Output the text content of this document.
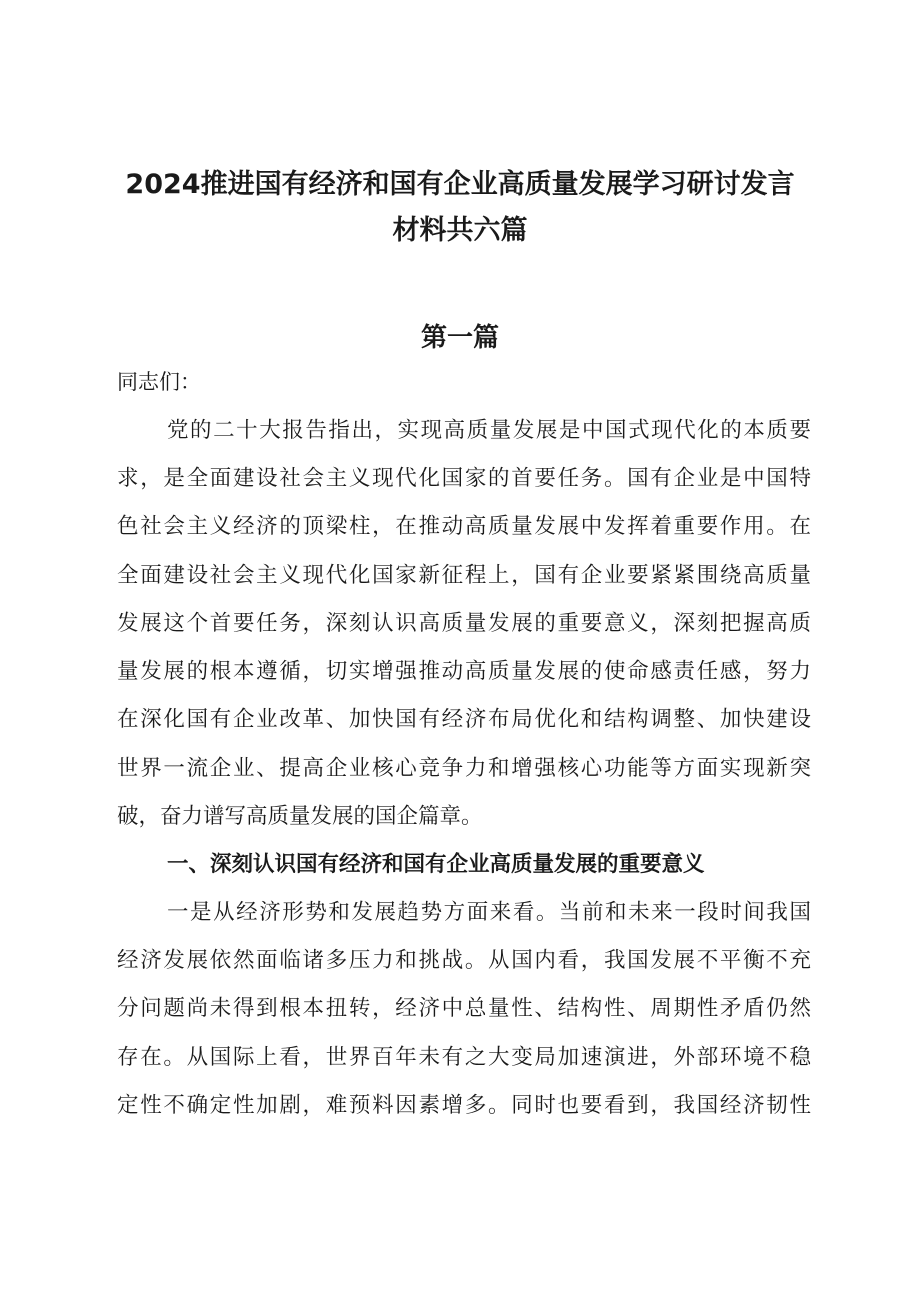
2024推进国有经济和国有企业高质量发展学习研讨发言
材料共六篇
第一篇
同志们：
党的二十大报告指出，实现高质量发展是中国式现代化的本质要
求，是全面建设社会主义现代化国家的首要任务。国有企业是中国特
色社会主义经济的顶梁柱，在推动高质量发展中发挥着重要作用。在
全面建设社会主义现代化国家新征程上，国有企业要紧紧围绕高质量
发展这个首要任务，深刻认识高质量发展的重要意义，深刻把握高质
量发展的根本遵循，切实增强推动高质量发展的使命感责任感，努力
在深化国有企业改革、加快国有经济布局优化和结构调整、加快建设
世界一流企业、提高企业核心竞争力和增强核心功能等方面实现新突
破，奋力谱写高质量发展的国企篇章。
一、深刻认识国有经济和国有企业高质量发展的重要意义
一是从经济形势和发展趋势方面来看。当前和未来一段时间我国
经济发展依然面临诸多压力和挑战。从国内看，我国发展不平衡不充
分问题尚未得到根本扭转，经济中总量性、结构性、周期性矛盾仍然
存在。从国际上看，世界百年未有之大变局加速演进，外部环境不稳
定性不确定性加剧，难预料因素增多。同时也要看到，我国经济韧性
